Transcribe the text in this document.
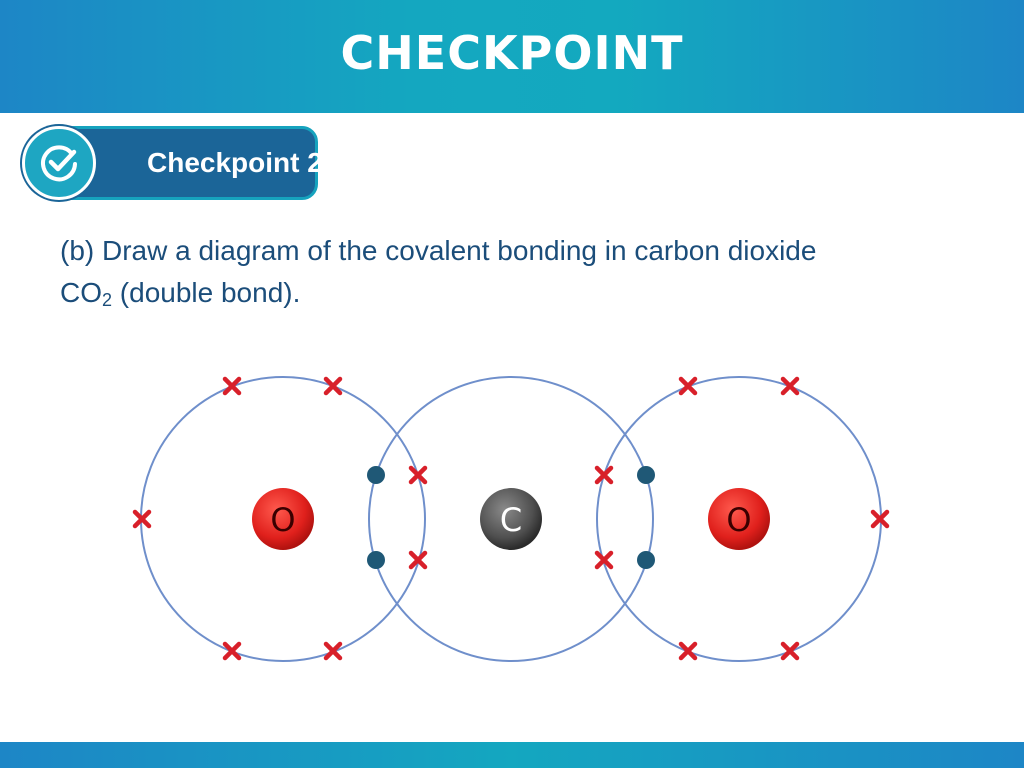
CHECKPOINT
Checkpoint 2
(b) Draw a diagram of the covalent bonding in carbon dioxide
$CO_2$ (double bond).
O	C	O
